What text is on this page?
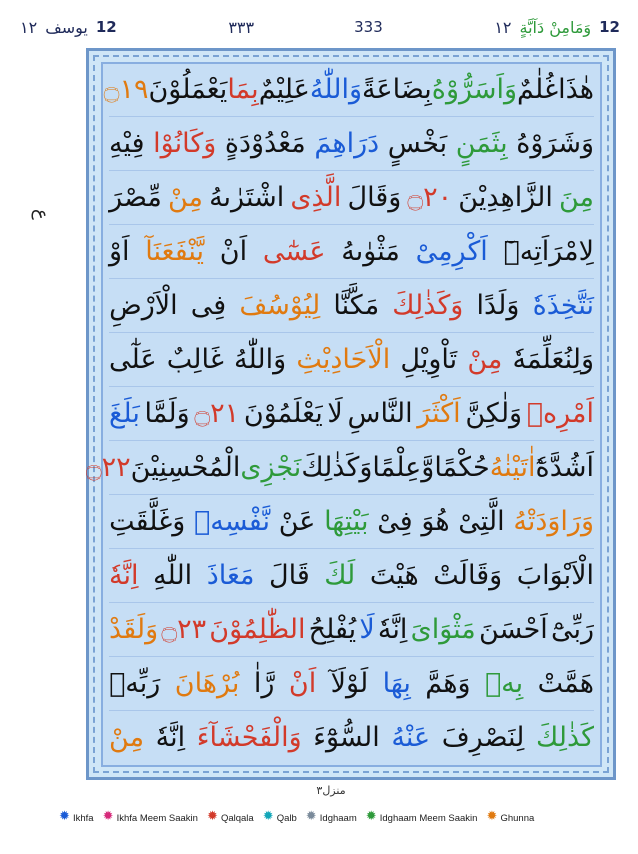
١٢ يوسف 12	٣٣٣	333	١٢ وَمَامِنْ دَآبَّةٍ 12
ع
هٰذَا
غُلٰمٌ
وَاَسَرُّوْهُ
بِضَاعَةً
وَاللّٰهُ
عَلِيْمٌ
بِمَا
يَعْمَلُوْنَ
۝١٩
وَشَرَوْهُ
بِثَمَنٍ
بَخْسٍ
دَرَاهِمَ
مَعْدُوْدَةٍ
وَكَانُوْا
فِيْهِ
مِنَ
الزَّاهِدِيْنَ
۝٢٠
وَقَالَ
الَّذِى
اشْتَرٰىهُ
مِنْ
مِّصْرَ
لِامْرَاَتِهٖٓ
اَكْرِمِىْ
مَثْوٰىهُ
عَسٰٓى
اَنْ
يَّنْفَعَنَآ
اَوْ
نَتَّخِذَهٗ
وَلَدًا
وَكَذٰلِكَ
مَكَّنَّا
لِيُوْسُفَ
فِى
الْاَرْضِ
وَلِنُعَلِّمَهٗ
مِنْ
تَاْوِيْلِ
الْاَحَادِيْثِ
وَاللّٰهُ
غَالِبٌ
عَلٰٓى
اَمْرِهٖ
وَلٰكِنَّ
اَكْثَرَ
النَّاسِ
لَا
يَعْلَمُوْنَ
۝٢١
وَلَمَّا
بَلَغَ
اَشُدَّهٗٓ
اٰتَيْنٰهُ
حُكْمًا
وَّعِلْمًا
وَكَذٰلِكَ
نَجْزِى
الْمُحْسِنِيْنَ
۝٢٢
وَرَاوَدَتْهُ
الَّتِىْ
هُوَ
فِىْ
بَيْتِهَا
عَنْ
نَّفْسِهٖ
وَغَلَّقَتِ
الْاَبْوَابَ
وَقَالَتْ
هَيْتَ
لَكَ
قَالَ
مَعَاذَ
اللّٰهِ
اِنَّهٗ
رَبِّىْٓ
اَحْسَنَ
مَثْوَاىَ
اِنَّهٗ
لَا
يُفْلِحُ
الظّٰلِمُوْنَ
۝٢٣
وَلَقَدْ
هَمَّتْ
بِهٖ
وَهَمَّ
بِهَا
لَوْلَآ
اَنْ
رَّاٰ
بُرْهَانَ
رَبِّهٖ
كَذٰلِكَ
لِنَصْرِفَ
عَنْهُ
السُّوْٓءَ
وَالْفَحْشَآءَ
اِنَّهٗ
مِنْ
منزل٣
✹
Ikhfa ✹ Ikhfa Meem Saakin ✹ Qalqala ✹ Qalb ✹ Idghaam ✹ Idghaam Meem Saakin ✹ Ghunna
